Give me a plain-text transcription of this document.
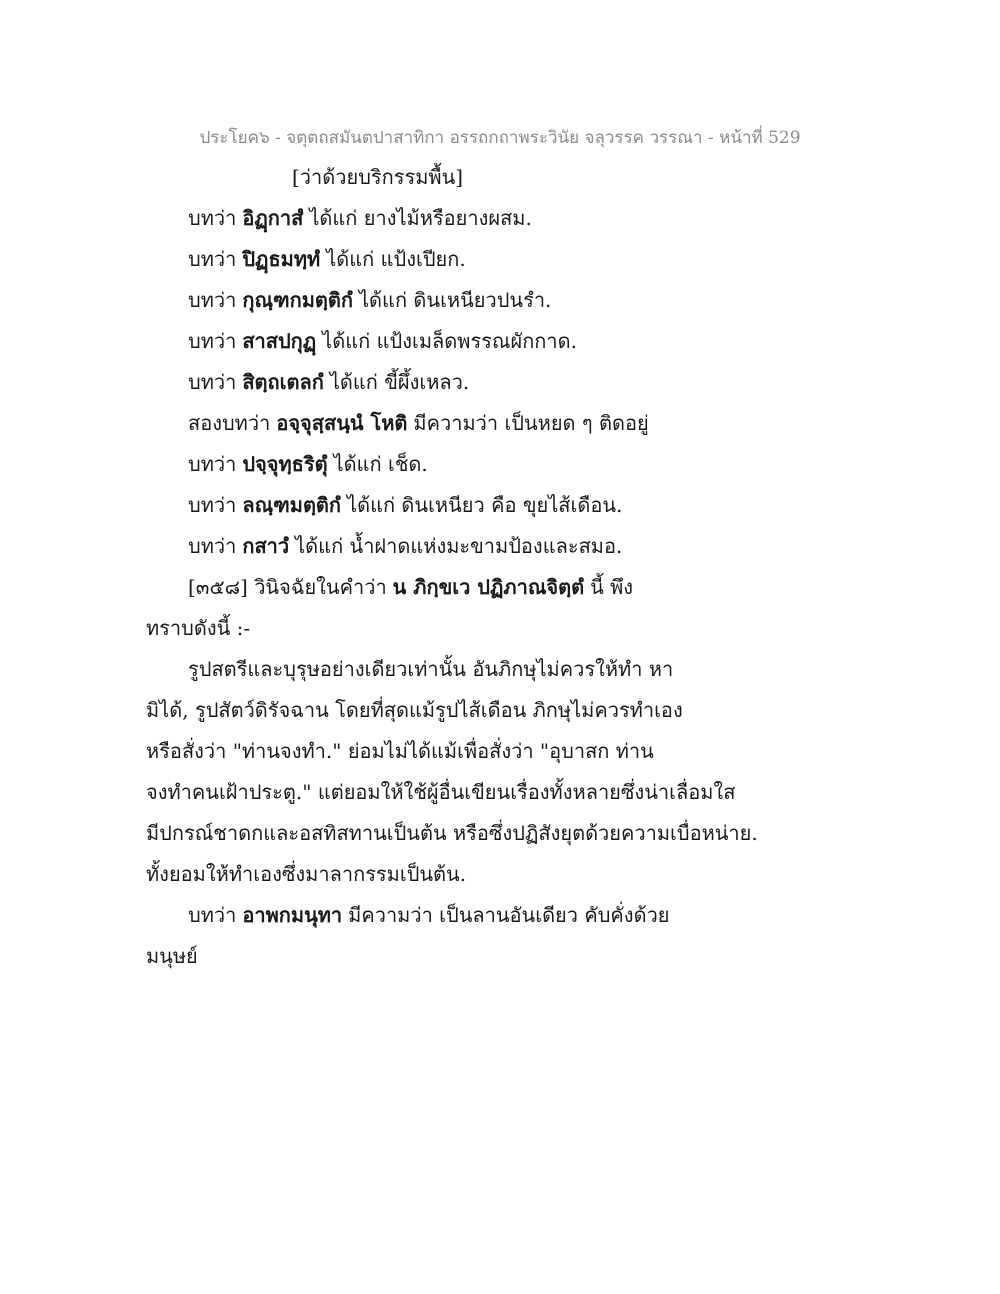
ประโยค๖ - จตุตถสมันตปาสาทิกา อรรถกถาพระวินัย จลุวรรค วรรณา - หน้าที่ 529
[ว่าด้วยบริกรรมพื้น]
บทว่า อิฏฺกาสํ ได้แก่ ยางไม้หรือยางผสม.
บทว่า ปิฏฺธมทฺทํ ได้แก่ แป้งเปียก.
บทว่า กุณฺฑกมตฺติกํ ได้แก่ ดินเหนียวปนรำ.
บทว่า สาสปกุฏฺ ได้แก่ แป้งเมล็ดพรรณผักกาด.
บทว่า สิตฺถเตลกํ ได้แก่ ขี้ผึ้งเหลว.
สองบทว่า อจฺจุสฺสนฺนํ โหติ มีความว่า เป็นหยด ๆ ติดอยู่
บทว่า ปจฺจุทฺธริตุํ ได้แก่ เช็ด.
บทว่า ลณฺฑมตฺติกํ ได้แก่ ดินเหนียว คือ ขุยไส้เดือน.
บทว่า กสาวํ ได้แก่ น้ำฝาดแห่งมะขามป้องและสมอ.
[๓๕๘] วินิจฉัยในคำว่า น ภิกฺขเว ปฏิภาณจิตฺตํ นี้ พึง
ทราบดังนี้ :-
รูปสตรีและบุรุษอย่างเดียวเท่านั้น อันภิกษุไม่ควรให้ทำ หา
มิได้, รูปสัตว์ดิรัจฉาน โดยที่สุดแม้รูปไส้เดือน ภิกษุไม่ควรทำเอง
หรือสั่งว่า "ท่านจงทำ." ย่อมไม่ได้แม้เพื่อสั่งว่า "อุบาสก ท่าน
จงทำคนเฝ้าประตู." แต่ยอมให้ใช้ผู้อื่นเขียนเรื่องทั้งหลายซึ่งน่าเลื่อมใส
มีปกรณ์ชาดกและอสทิสทานเป็นต้น หรือซึ่งปฏิสังยุตด้วยความเบื่อหน่าย.
ทั้งยอมให้ทำเองซึ่งมาลากรรมเป็นต้น.
บทว่า อาพกมนุทา มีความว่า เป็นลานอันเดียว คับคั่งด้วย
มนุษย์
